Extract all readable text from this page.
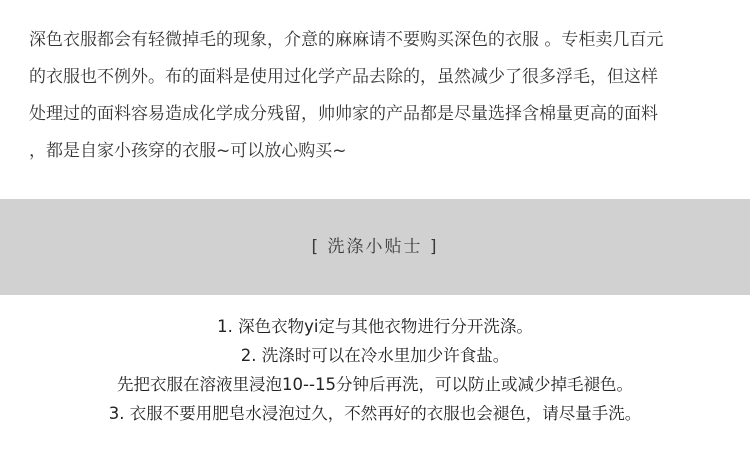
深色衣服都会有轻微掉毛的现象，介意的麻麻请不要购买深色的衣服 。专柜卖几百元
的衣服也不例外。布的面料是使用过化学产品去除的，虽然减少了很多浮毛，但这样
处理过的面料容易造成化学成分残留，帅帅家的产品都是尽量选择含棉量更高的面料
，都是自家小孩穿的衣服~可以放心购买~
[ 洗涤小贴士 ]
1. 深色衣物yi定与其他衣物进行分开洗涤。
2. 洗涤时可以在冷水里加少许食盐。
先把衣服在溶液里浸泡10--15分钟后再洗，可以防止或减少掉毛褪色。
3. 衣服不要用肥皂水浸泡过久，不然再好的衣服也会褪色，请尽量手洗。
